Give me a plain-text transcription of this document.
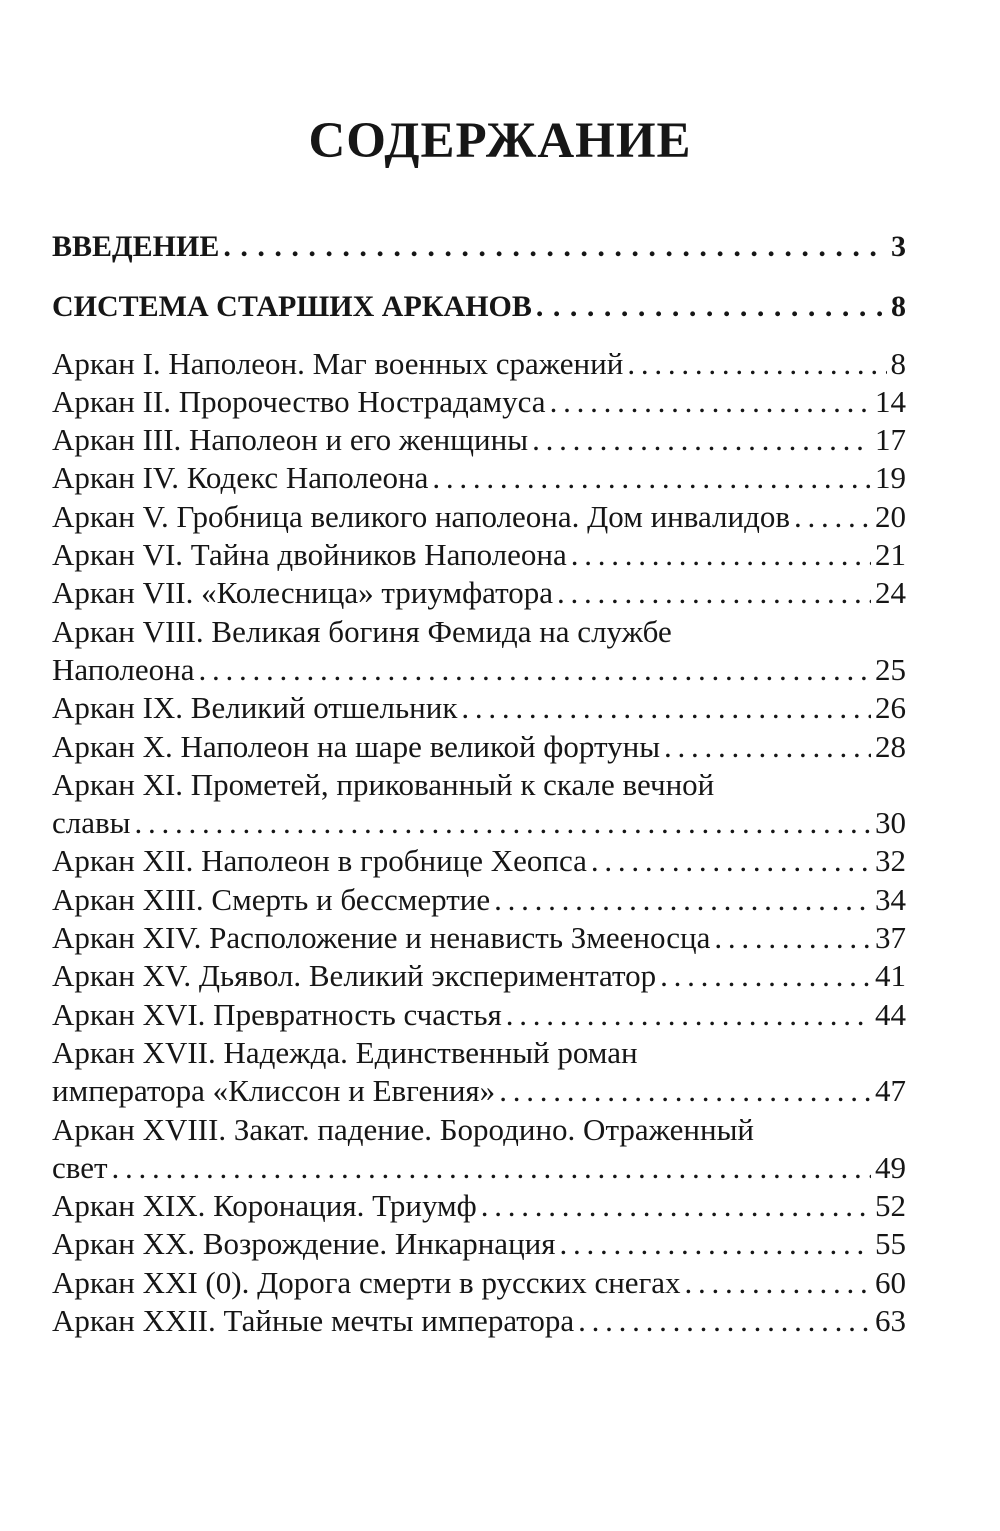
СОДЕРЖАНИЕ
ВВЕДЕНИЕ . . .	3
СИСТЕМА СТАРШИХ АРКАНОВ . . .	8
Аркан I. Наполеон. Маг военных сражений . . .	8
Аркан II. Пророчество Нострадамуса . . .	14
Аркан III. Наполеон и его женщины . . .	17
Аркан IV. Кодекс Наполеона . . .	19
Аркан V. Гробница великого наполеона. Дом инвалидов . . .	20
Аркан VI. Тайна двойников Наполеона . . .	21
Аркан VII. «Колесница» триумфатора . . .	24
Аркан VIII. Великая богиня Фемида на службе
Наполеона . . .	25
Аркан IX. Великий отшельник . . .	26
Аркан X. Наполеон на шаре великой фортуны . . .	28
Аркан XI. Прометей, прикованный к скале вечной
славы . . .	30
Аркан XII. Наполеон в гробнице Хеопса . . .	32
Аркан XIII. Смерть и бессмертие . . .	34
Аркан XIV. Расположение и ненависть Змееносца . . .	37
Аркан XV. Дьявол. Великий экспериментатор . . .	41
Аркан XVI. Превратность счастья . . .	44
Аркан XVII. Надежда. Единственный роман
императора «Клиссон и Евгения» . . .	47
Аркан XVIII. Закат. падение. Бородино. Отраженный
свет . . .	49
Аркан XIX. Коронация. Триумф . . .	52
Аркан XX. Возрождение. Инкарнация . . .	55
Аркан XXI (0). Дорога смерти в русских снегах . . .	60
Аркан XXII. Тайные мечты императора . . .	63
